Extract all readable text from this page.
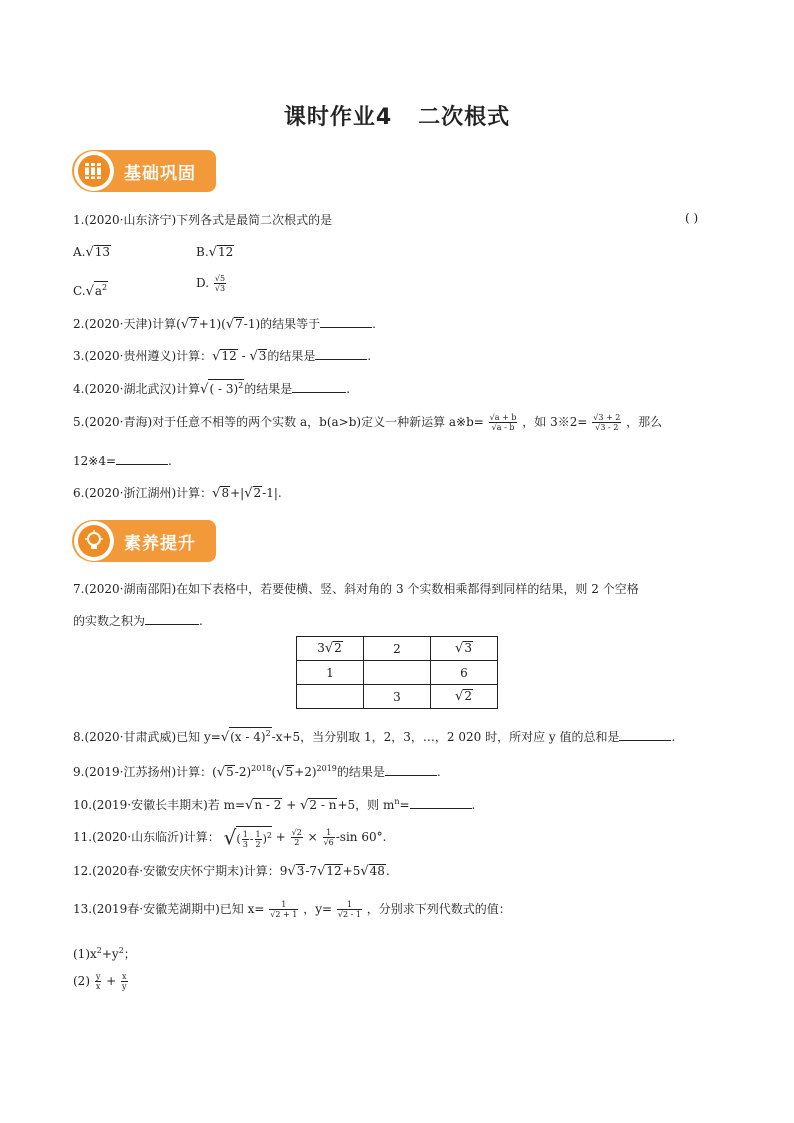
课时作业4 二次根式
基础巩固
1.(2020·山东济宁)下列各式是最简二次根式的是	( )
A.√13	B.√12
$C.√a^2$	D. $\frac{√5}{√3}$
2.(2020·天津)计算(√7+1)(√7-1)的结果等于	.
3.(2020·贵州遵义)计算：√12 - √3的结果是	.
4.(2020·湖北武汉)计算√( - 3)$^2$的结果是	.
5.(2020·青海)对于任意不相等的两个实数 a，b(a>b)定义一种新运算 a※b= $\frac{√a + b}{√a - b}$ ，如 3※2= $\frac{√3 + 2}{√3 - 2}$ ，那么
12※4=	.
6.(2020·浙江湖州)计算：√8+|√2-1|.
素养提升
7.(2020·湖南邵阳)在如下表格中，若要使横、竖、斜对角的 3 个实数相乘都得到同样的结果，则 2 个空格
的实数之积为	.
3√2	2	√3
1		6
	3	√2
8.(2020·甘肃武威)已知 y=√(x - 4)$^2$-x+5，当分别取 1，2，3，…，2 020 时，所对应 y 值的总和是	.
9.(2019·江苏扬州)计算：$(√5-2)^{2018}(√5+2)^{2019}$的结果是	.
10.(2019·安徽长丰期末)若 m=√n - 2 + √2 - n+5，则 $m^n=$	.
11.(2020·山东临沂)计算： √( $\frac{1}{3} - \frac{1}{2} )^2 + \frac{√2}{2} \times \frac{1}{√6} -\sin$ 60°.
12.(2020春·安徽安庆怀宁期末)计算：9√3-7√12+5√48.
13.(2019春·安徽芜湖期中)已知 $x= \frac{1}{√2 + 1}$ ，$y= \frac{1}{√2 - 1}$ ，分别求下列代数式的值：
$(1)x^2+y^2$；
$(2) \frac{y}{x} + \frac{x}{y}$
